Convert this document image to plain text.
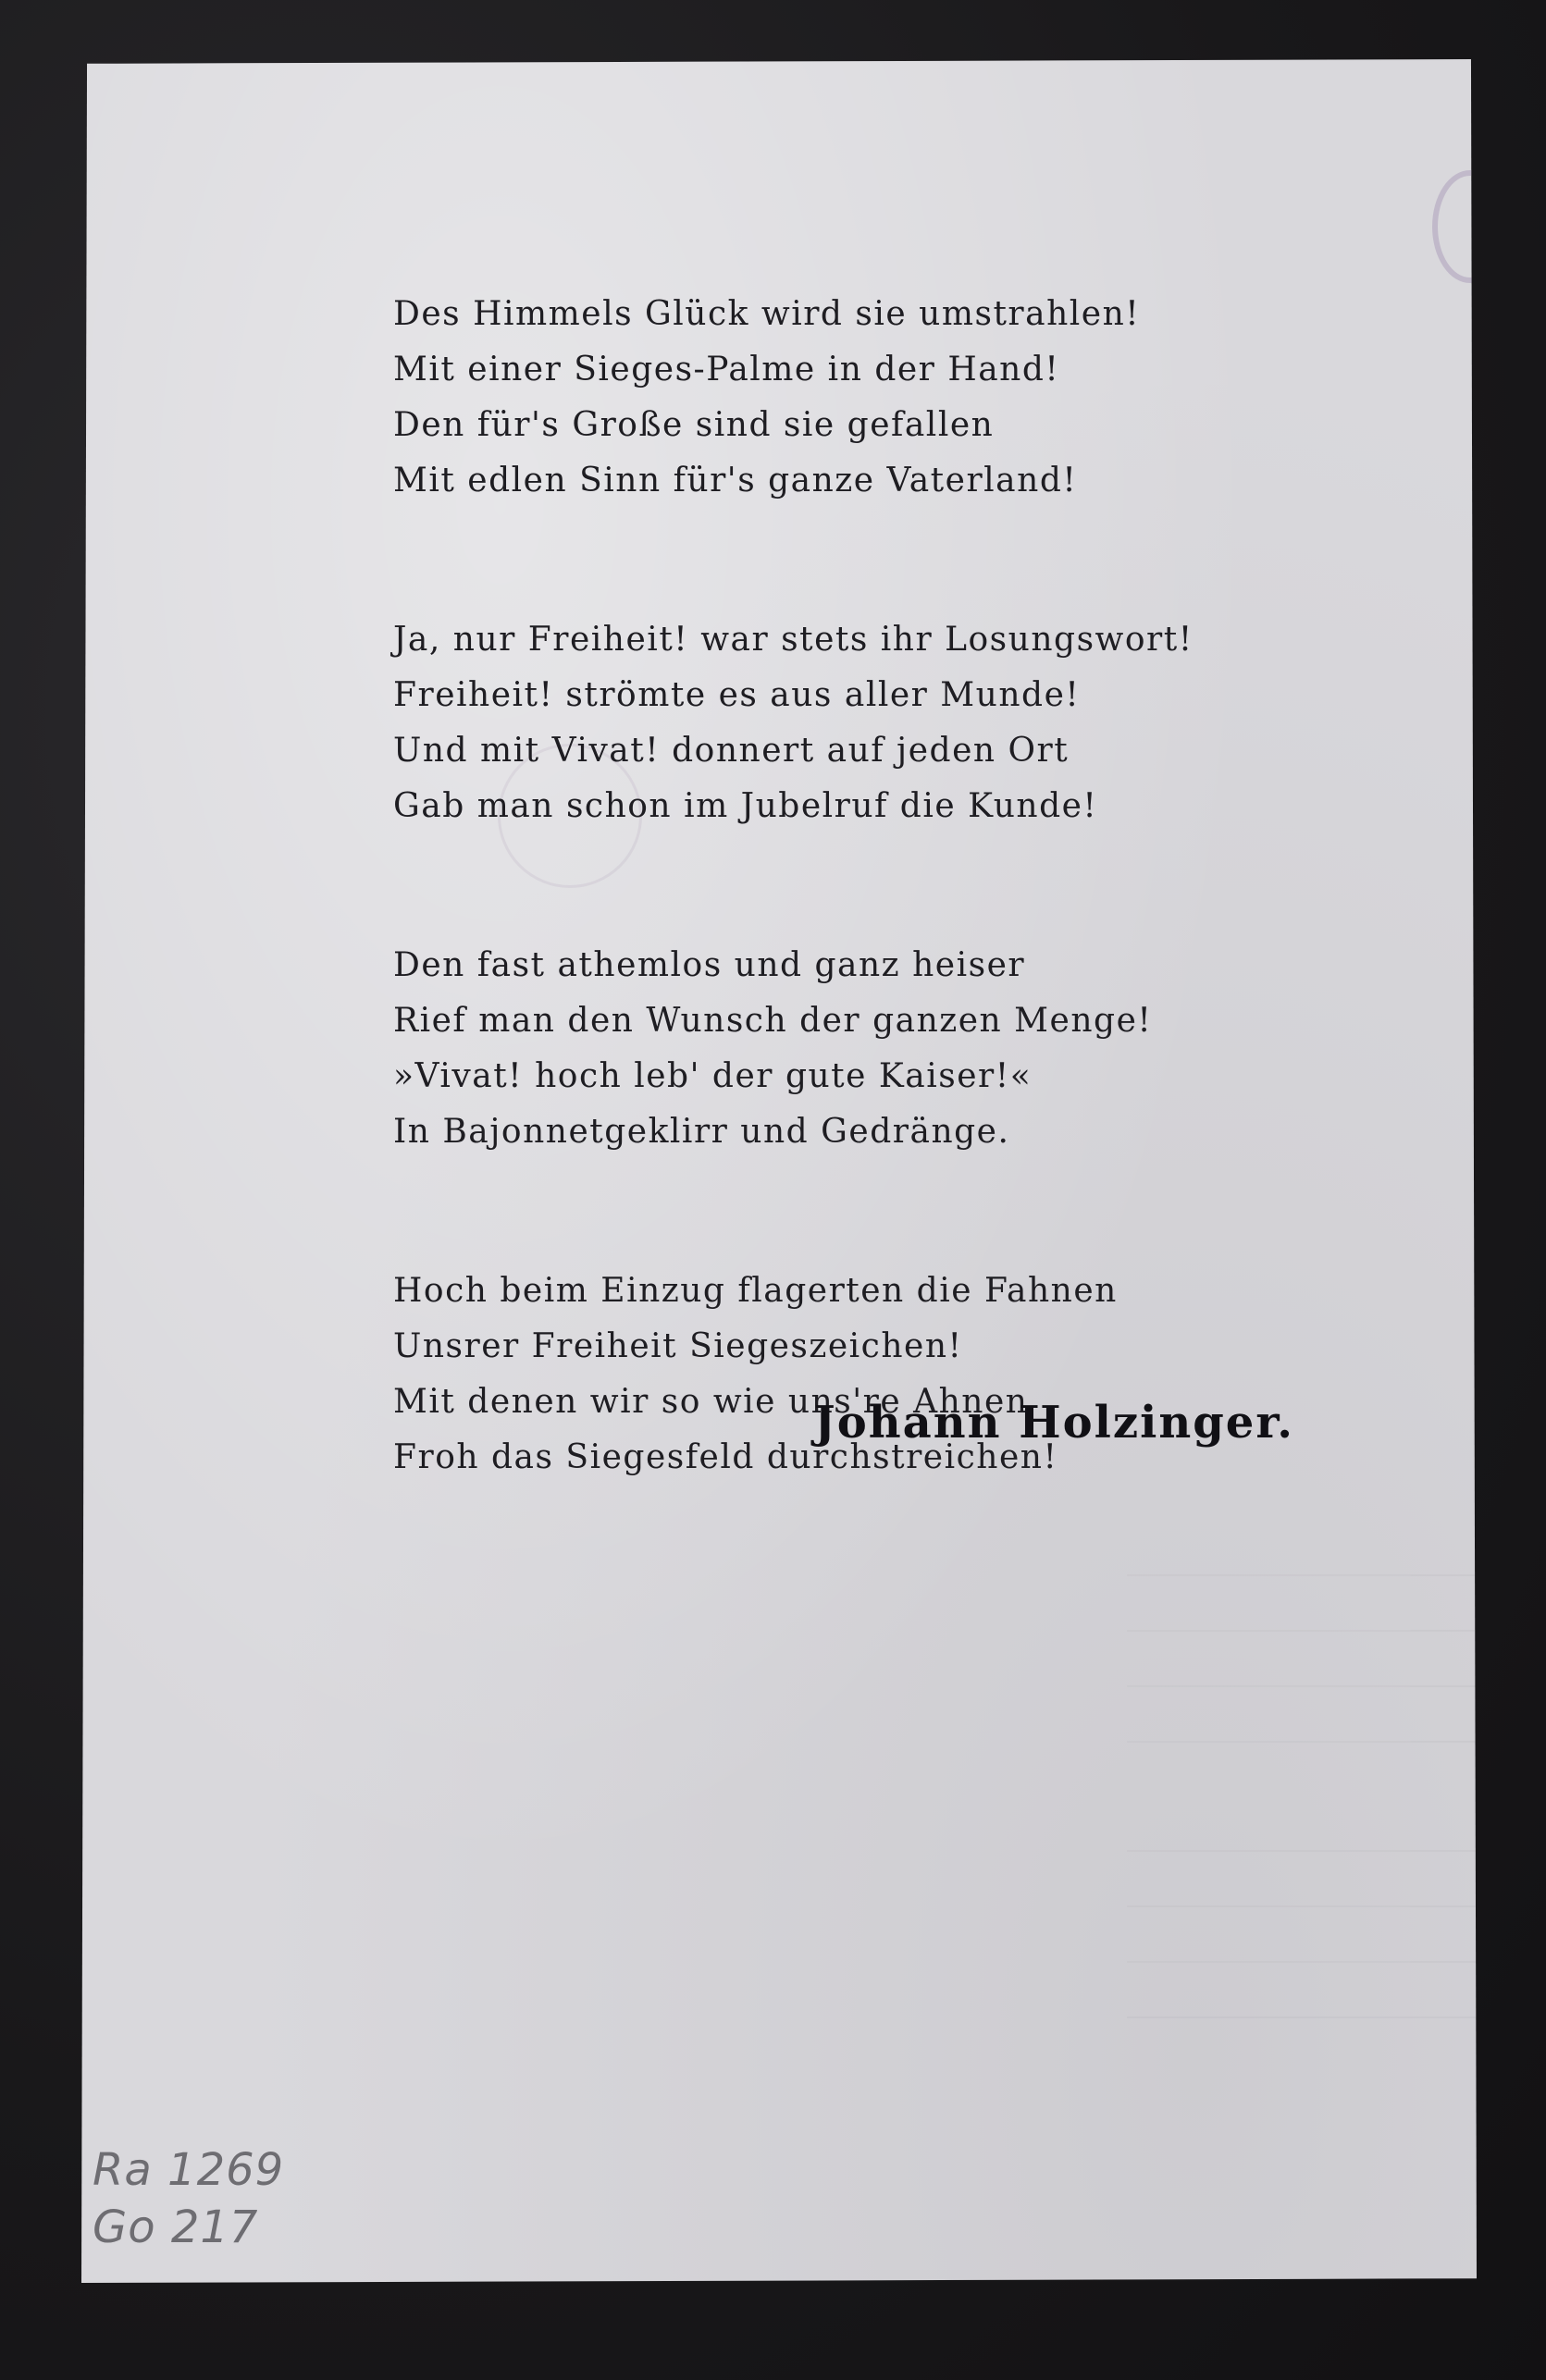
Des Himmels Glück wird sie umstrahlen!
Mit einer Sieges-Palme in der Hand!
Den für's Große sind sie gefallen
Mit edlen Sinn für's ganze Vaterland!
Ja, nur Freiheit! war stets ihr Losungswort!
Freiheit! strömte es aus aller Munde!
Und mit Vivat! donnert auf jeden Ort
Gab man schon im Jubelruf die Kunde!
Den fast athemlos und ganz heiser
Rief man den Wunsch der ganzen Menge!
»Vivat! hoch leb' der gute Kaiser!«
In Bajonnetgeklirr und Gedränge.
Hoch beim Einzug flagerten die Fahnen
Unsrer Freiheit Siegeszeichen!
Mit denen wir so wie uns're Ahnen
Froh das Siegesfeld durchstreichen!
Johann Holzinger.
Ra 1269
Go 217
